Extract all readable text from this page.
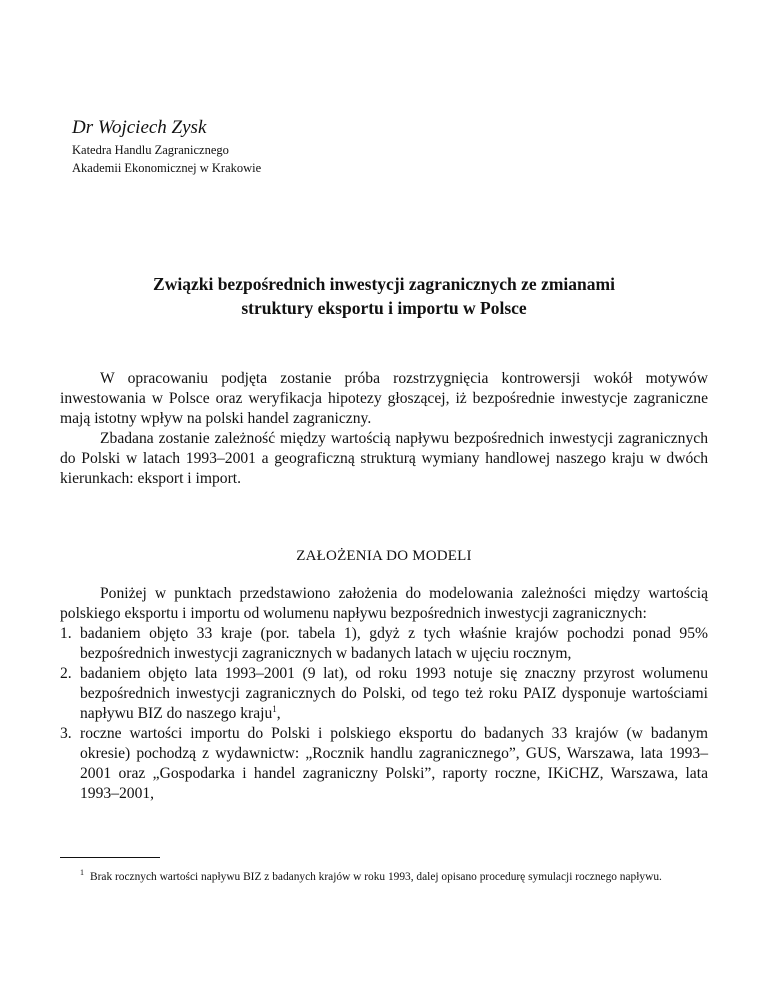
Dr Wojciech Zysk
Katedra Handlu Zagranicznego
Akademii Ekonomicznej w Krakowie
Związki bezpośrednich inwestycji zagranicznych ze zmianami
struktury eksportu i importu w Polsce

W opracowaniu podjęta zostanie próba rozstrzygnięcia kontrowersji wokół motywów inwestowania w Polsce oraz weryfikacja hipotezy głoszącej, iż bezpośrednie inwestycje zagraniczne mają istotny wpływ na polski handel zagraniczny.

Zbadana zostanie zależność między wartością napływu bezpośrednich inwestycji zagranicznych do Polski w latach 1993–2001 a geograficzną strukturą wymiany handlowej naszego kraju w dwóch kierunkach: eksport i import.

ZAŁOŻENIA DO MODELI

Poniżej w punktach przedstawiono założenia do modelowania zależności między wartością polskiego eksportu i importu od wolumenu napływu bezpośrednich inwestycji zagranicznych:

1. badaniem objęto 33 kraje (por. tabela 1), gdyż z tych właśnie krajów pochodzi ponad 95% bezpośrednich inwestycji zagranicznych w badanych latach w ujęciu rocznym,
2. badaniem objęto lata 1993–2001 (9 lat), od roku 1993 notuje się znaczny przyrost wolumenu bezpośrednich inwestycji zagranicznych do Polski, od tego też roku PAIZ dysponuje wartościami napływu BIZ do naszego kraju$^1$,
3. roczne wartości importu do Polski i polskiego eksportu do badanych 33 krajów (w badanym okresie) pochodzą z wydawnictw: „Rocznik handlu zagranicznego”, GUS, Warszawa, lata 1993–2001 oraz „Gospodarka i handel zagraniczny Polski”, raporty roczne, IKiCHZ, Warszawa, lata 1993–2001,
$^1$ Brak rocznych wartości napływu BIZ z badanych krajów w roku 1993, dalej opisano procedurę symulacji rocznego napływu.
